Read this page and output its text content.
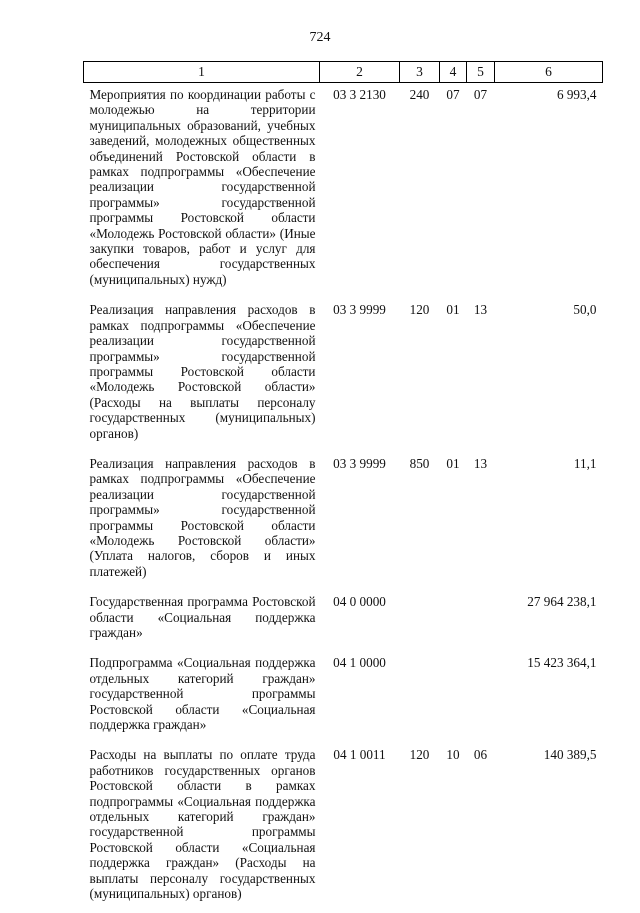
724
1	2	3	4	5	6
Мероприятия по координации работы с молодежью на территории муниципальных образований, учебных заведений, молодежных общественных объединений Ростовской области в рамках подпрограммы «Обеспечение реализации государственной программы» государственной программы Ростовской области «Молодежь Ростовской области» (Иные закупки товаров, работ и услуг для обеспечения государственных (муниципальных) нужд)	03 3 2130	240	07	07	6 993,4
Реализация направления расходов в рамках подпрограммы «Обеспечение реализации государственной программы» государственной программы Ростовской области «Молодежь Ростовской области» (Расходы на выплаты персоналу государственных (муниципальных) органов)	03 3 9999	120	01	13	50,0
Реализация направления расходов в рамках подпрограммы «Обеспечение реализации государственной программы» государственной программы Ростовской области «Молодежь Ростовской области» (Уплата налогов, сборов и иных платежей)	03 3 9999	850	01	13	11,1
Государственная программа Ростовской области «Социальная поддержка граждан»	04 0 0000				27 964 238,1
Подпрограмма «Социальная поддержка отдельных категорий граждан» государственной программы Ростовской области «Социальная поддержка граждан»	04 1 0000				15 423 364,1
Расходы на выплаты по оплате труда работников государственных органов Ростовской области в рамках подпрограммы «Социальная поддержка отдельных категорий граждан» государственной программы Ростовской области «Социальная поддержка граждан» (Расходы на выплаты персоналу государственных (муниципальных) органов)	04 1 0011	120	10	06	140 389,5
